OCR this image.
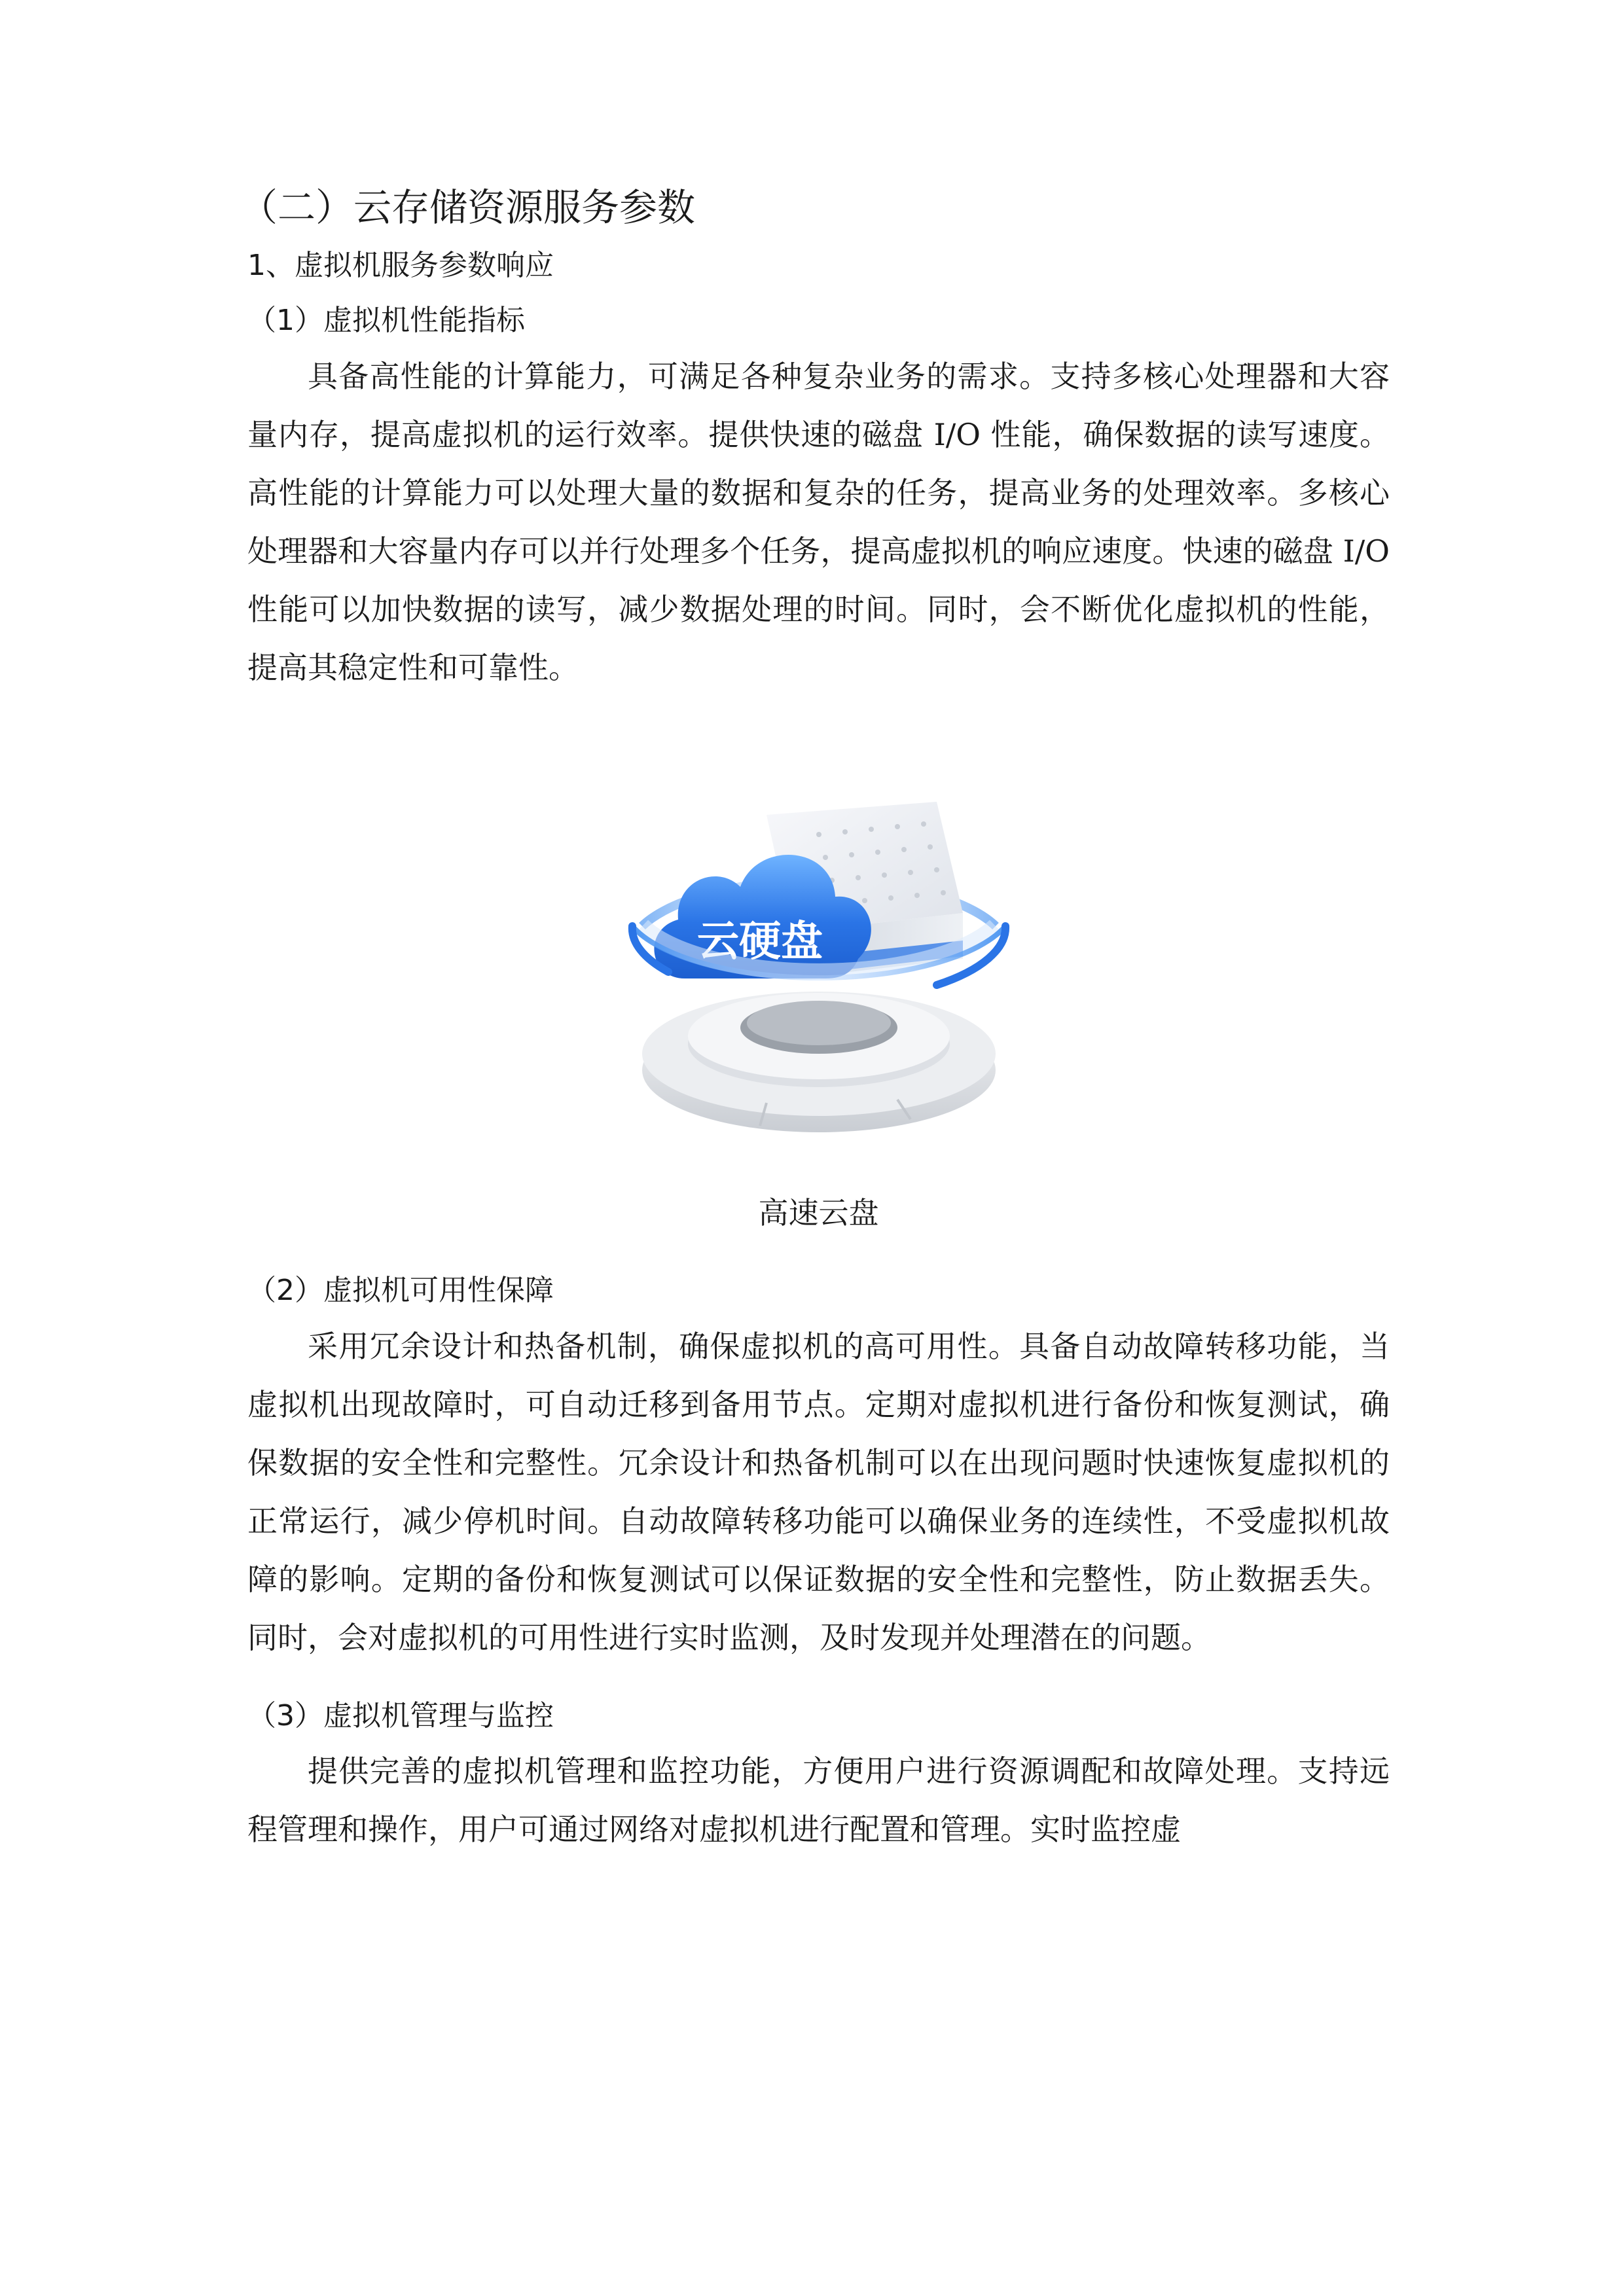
（二）云存储资源服务参数
1、虚拟机服务参数响应
（1）虚拟机性能指标

具备高性能的计算能力，可满足各种复杂业务的需求。支持多核心处理器和大容量内存，提高虚拟机的运行效率。提供快速的磁盘 I/O 性能，确保数据的读写速度。高性能的计算能力可以处理大量的数据和复杂的任务，提高业务的处理效率。多核心处理器和大容量内存可以并行处理多个任务，提高虚拟机的响应速度。快速的磁盘 I/O 性能可以加快数据的读写，减少数据处理的时间。同时，会不断优化虚拟机的性能，提高其稳定性和可靠性。

云硬盘
高速云盘
（2）虚拟机可用性保障

采用冗余设计和热备机制，确保虚拟机的高可用性。具备自动故障转移功能，当虚拟机出现故障时，可自动迁移到备用节点。定期对虚拟机进行备份和恢复测试，确保数据的安全性和完整性。冗余设计和热备机制可以在出现问题时快速恢复虚拟机的正常运行，减少停机时间。自动故障转移功能可以确保业务的连续性，不受虚拟机故障的影响。定期的备份和恢复测试可以保证数据的安全性和完整性，防止数据丢失。同时，会对虚拟机的可用性进行实时监测，及时发现并处理潜在的问题。

（3）虚拟机管理与监控

提供完善的虚拟机管理和监控功能，方便用户进行资源调配和故障处理。支持远程管理和操作，用户可通过网络对虚拟机进行配置和管理。实时监控虚
